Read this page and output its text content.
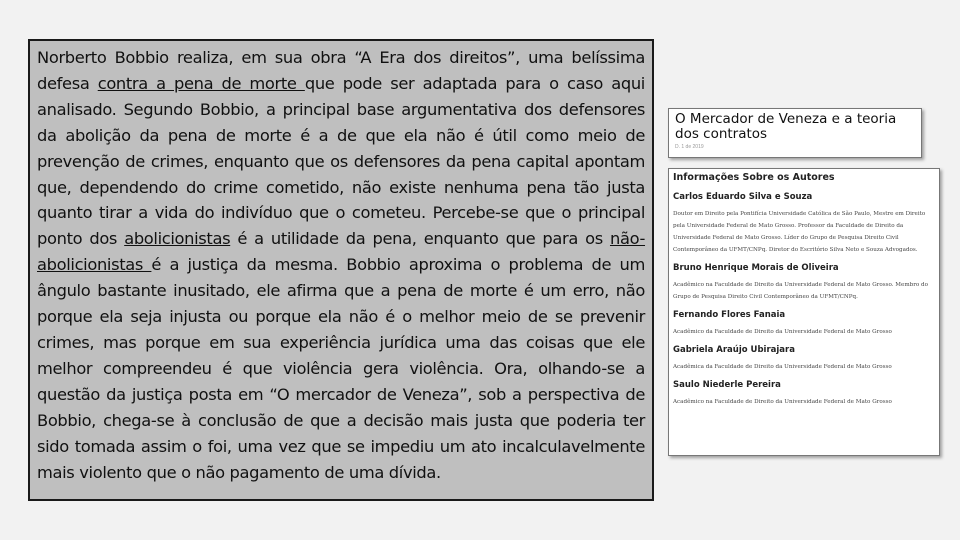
Norberto Bobbio realiza, em sua obra “A Era dos direitos”, uma belíssima defesa contra a pena de morte que pode ser adaptada para o caso aqui analisado. Segundo Bobbio, a principal base argumentativa dos defensores da abolição da pena de morte é a de que ela não é útil como meio de prevenção de crimes, enquanto que os defensores da pena capital apontam que, dependendo do crime cometido, não existe nenhuma pena tão justa quanto tirar a vida do indivíduo que o cometeu. Percebe-se que o principal ponto dos abolicionistas é a utilidade da pena, enquanto que para os não-abolicionistas é a justiça da mesma. Bobbio aproxima o problema de um ângulo bastante inusitado, ele afirma que a pena de morte é um erro, não porque ela seja injusta ou porque ela não é o melhor meio de se prevenir crimes, mas porque em sua experiência jurídica uma das coisas que ele melhor compreendeu é que violência gera violência. Ora, olhando-se a questão da justiça posta em “O mercador de Veneza”, sob a perspectiva de Bobbio, chega-se à conclusão de que a decisão mais justa que poderia ter sido tomada assim o foi, uma vez que se impediu um ato incalculavelmente mais violento que o não pagamento de uma dívida.

O Mercador de Veneza e a teoria dos contratos
D. 1 de 2019
Informações Sobre os Autores
Carlos Eduardo Silva e Souza
Doutor em Direito pela Pontifícia Universidade Católica de São Paulo, Mestre em Direito pela Universidade Federal de Mato Grosso. Professor da Faculdade de Direito da Universidade Federal de Mato Grosso. Líder do Grupo de Pesquisa Direito Civil Contemporâneo da UFMT/CNPq. Diretor do Escritório Silva Neto e Souza Advogados.
Bruno Henrique Morais de Oliveira
Acadêmico na Faculdade de Direito da Universidade Federal de Mato Grosso. Membro do Grupo de Pesquisa Direito Civil Contemporâneo da UFMT/CNPq.
Fernando Flores Fanaia
Acadêmico da Faculdade de Direito da Universidade Federal de Mato Grosso
Gabriela Araújo Ubirajara
Acadêmica da Faculdade de Direito da Universidade Federal de Mato Grosso
Saulo Niederle Pereira
Acadêmico na Faculdade de Direito da Universidade Federal de Mato Grosso
